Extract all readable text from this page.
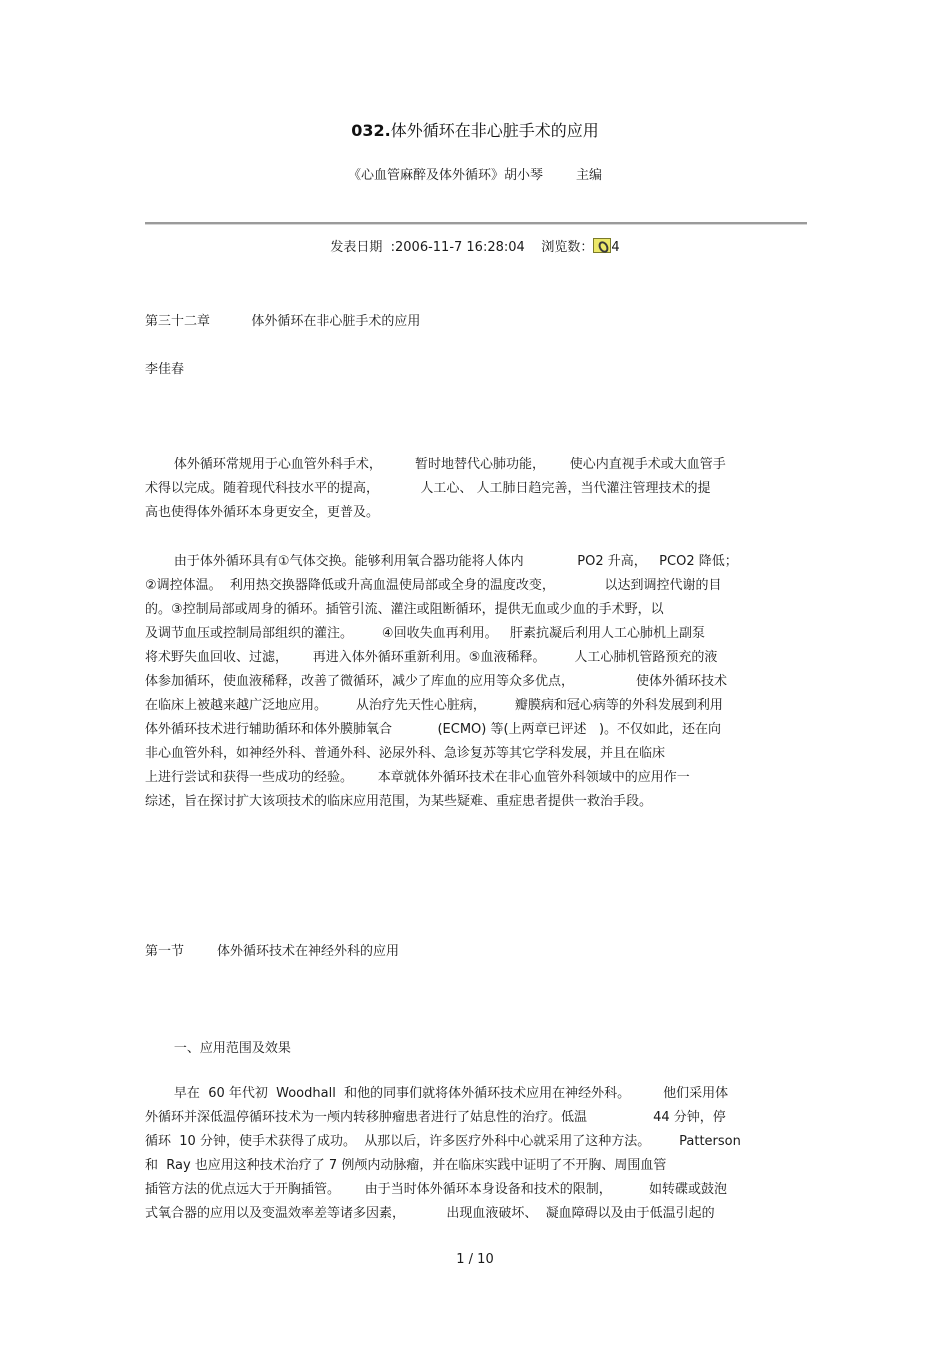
032.体外循环在非心脏手术的应用
《心血管麻醉及体外循环》胡小琴        主编
发表日期  :2006-11-7 16:28:04    浏览数： 4
第三十二章          体外循环在非心脏手术的应用
李佳春
体外循环常规用于心血管外科手术，        暂时地替代心肺功能，      使心内直视手术或大血管手
术得以完成。随着现代科技水平的提高，          人工心、 人工肺日趋完善，当代灌注管理技术的提
高也使得体外循环本身更安全，更普及。
由于体外循环具有①气体交换。能够利用氧合器功能将人体内             PO2 升高，   PCO2 降低；
②调控体温。  利用热交换器降低或升高血温使局部或全身的温度改变，            以达到调控代谢的目
的。③控制局部或周身的循环。插管引流、灌注或阻断循环，提供无血或少血的手术野，以
及调节血压或控制局部组织的灌注。       ④回收失血再利用。   肝素抗凝后利用人工心肺机上副泵
将术野失血回收、过滤，      再进入体外循环重新利用。⑤血液稀释。       人工心肺机管路预充的液
体参加循环，使血液稀释，改善了微循环，减少了库血的应用等众多优点，               使体外循环技术
在临床上被越来越广泛地应用。       从治疗先天性心脏病，       瓣膜病和冠心病等的外科发展到利用
体外循环技术进行辅助循环和体外膜肺氧合           (ECMO) 等(上两章已评述   )。不仅如此，还在向
非心血管外科，如神经外科、普通外科、泌尿外科、急诊复苏等其它学科发展，并且在临床
上进行尝试和获得一些成功的经验。      本章就体外循环技术在非心血管外科领域中的应用作一
综述，旨在探讨扩大该项技术的临床应用范围，为某些疑难、重症患者提供一救治手段。
第一节        体外循环技术在神经外科的应用
一、应用范围及效果
早在  60 年代初  Woodhall  和他的同事们就将体外循环技术应用在神经外科。        他们采用体
外循环并深低温停循环技术为一颅内转移肿瘤患者进行了姑息性的治疗。低温                44 分钟，停
循环  10 分钟，使手术获得了成功。  从那以后，许多医疗外科中心就采用了这种方法。       Patterson
和  Ray 也应用这种技术治疗了 7 例颅内动脉瘤，并在临床实践中证明了不开胸、周围血管
插管方法的优点远大于开胸插管。      由于当时体外循环本身设备和技术的限制，         如转碟或鼓泡
式氧合器的应用以及变温效率差等诸多因素，          出现血液破坏、  凝血障碍以及由于低温引起的
1 / 10
